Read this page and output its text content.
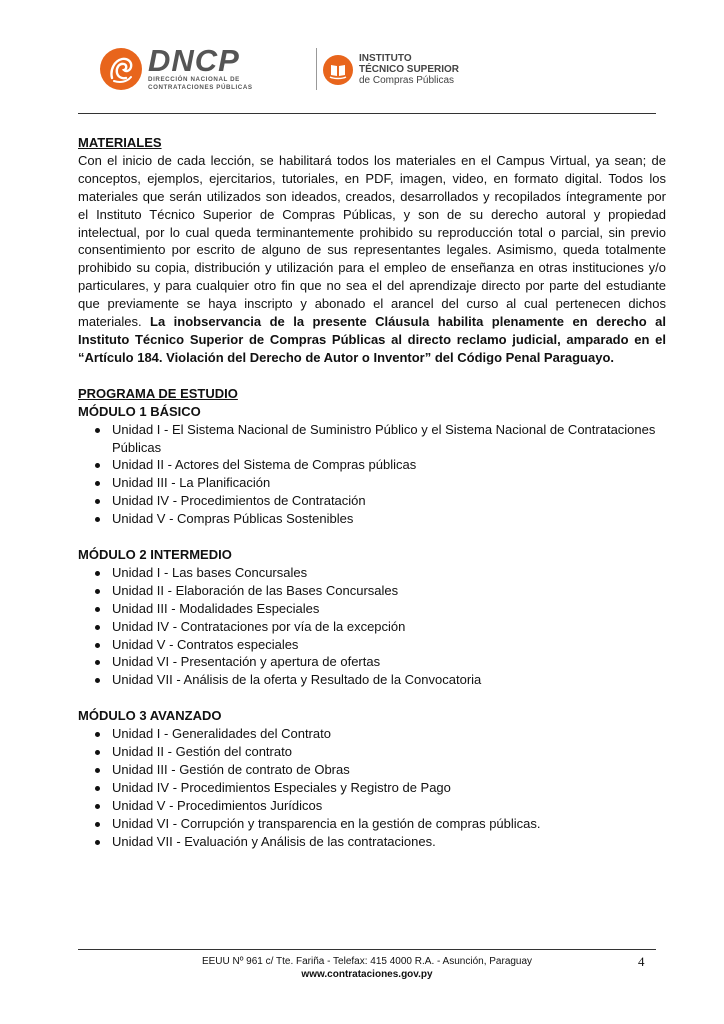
DNCP
DIRECCIÓN NACIONAL DE
CONTRATACIONES PÚBLICAS
INSTITUTO
TÉCNICO SUPERIOR
de Compras Públicas
MATERIALES
Con el inicio de cada lección, se habilitará todos los materiales en el Campus Virtual, ya sean; de conceptos, ejemplos, ejercitarios, tutoriales, en PDF, imagen, video, en formato digital. Todos los materiales que serán utilizados son ideados, creados, desarrollados y recopilados íntegramente por el Instituto Técnico Superior de Compras Públicas, y son de su derecho autoral y propiedad intelectual, por lo cual queda terminantemente prohibido su reproducción total o parcial, sin previo consentimiento por escrito de alguno de sus representantes legales. Asimismo, queda totalmente prohibido su copia, distribución y utilización para el empleo de enseñanza en otras instituciones y/o particulares, y para cualquier otro fin que no sea el del aprendizaje directo por parte del estudiante que previamente se haya inscripto y abonado el arancel del curso al cual pertenecen dichos materiales. La inobservancia de la presente Cláusula habilita plenamente en derecho al Instituto Técnico Superior de Compras Públicas al directo reclamo judicial, amparado en el “Artículo 184. Violación del Derecho de Autor o Inventor” del Código Penal Paraguayo.
PROGRAMA DE ESTUDIO
MÓDULO 1 BÁSICO
Unidad I - El Sistema Nacional de Suministro Público y el Sistema Nacional de Contrataciones Públicas
Unidad II - Actores del Sistema de Compras públicas
Unidad III - La Planificación
Unidad IV - Procedimientos de Contratación
Unidad V - Compras Públicas Sostenibles
MÓDULO 2 INTERMEDIO
Unidad I - Las bases Concursales
Unidad II - Elaboración de las Bases Concursales
Unidad III - Modalidades Especiales
Unidad IV - Contrataciones por vía de la excepción
Unidad V - Contratos especiales
Unidad VI - Presentación y apertura de ofertas
Unidad VII - Análisis de la oferta y Resultado de la Convocatoria
MÓDULO 3 AVANZADO
Unidad I - Generalidades del Contrato
Unidad II - Gestión del contrato
Unidad III - Gestión de contrato de Obras
Unidad IV - Procedimientos Especiales y Registro de Pago
Unidad V - Procedimientos Jurídicos
Unidad VI - Corrupción y transparencia en la gestión de compras públicas.
Unidad VII - Evaluación y Análisis de las contrataciones.
EEUU Nº 961 c/ Tte. Fariña - Telefax: 415 4000 R.A. - Asunción, Paraguay
www.contrataciones.gov.py
4
